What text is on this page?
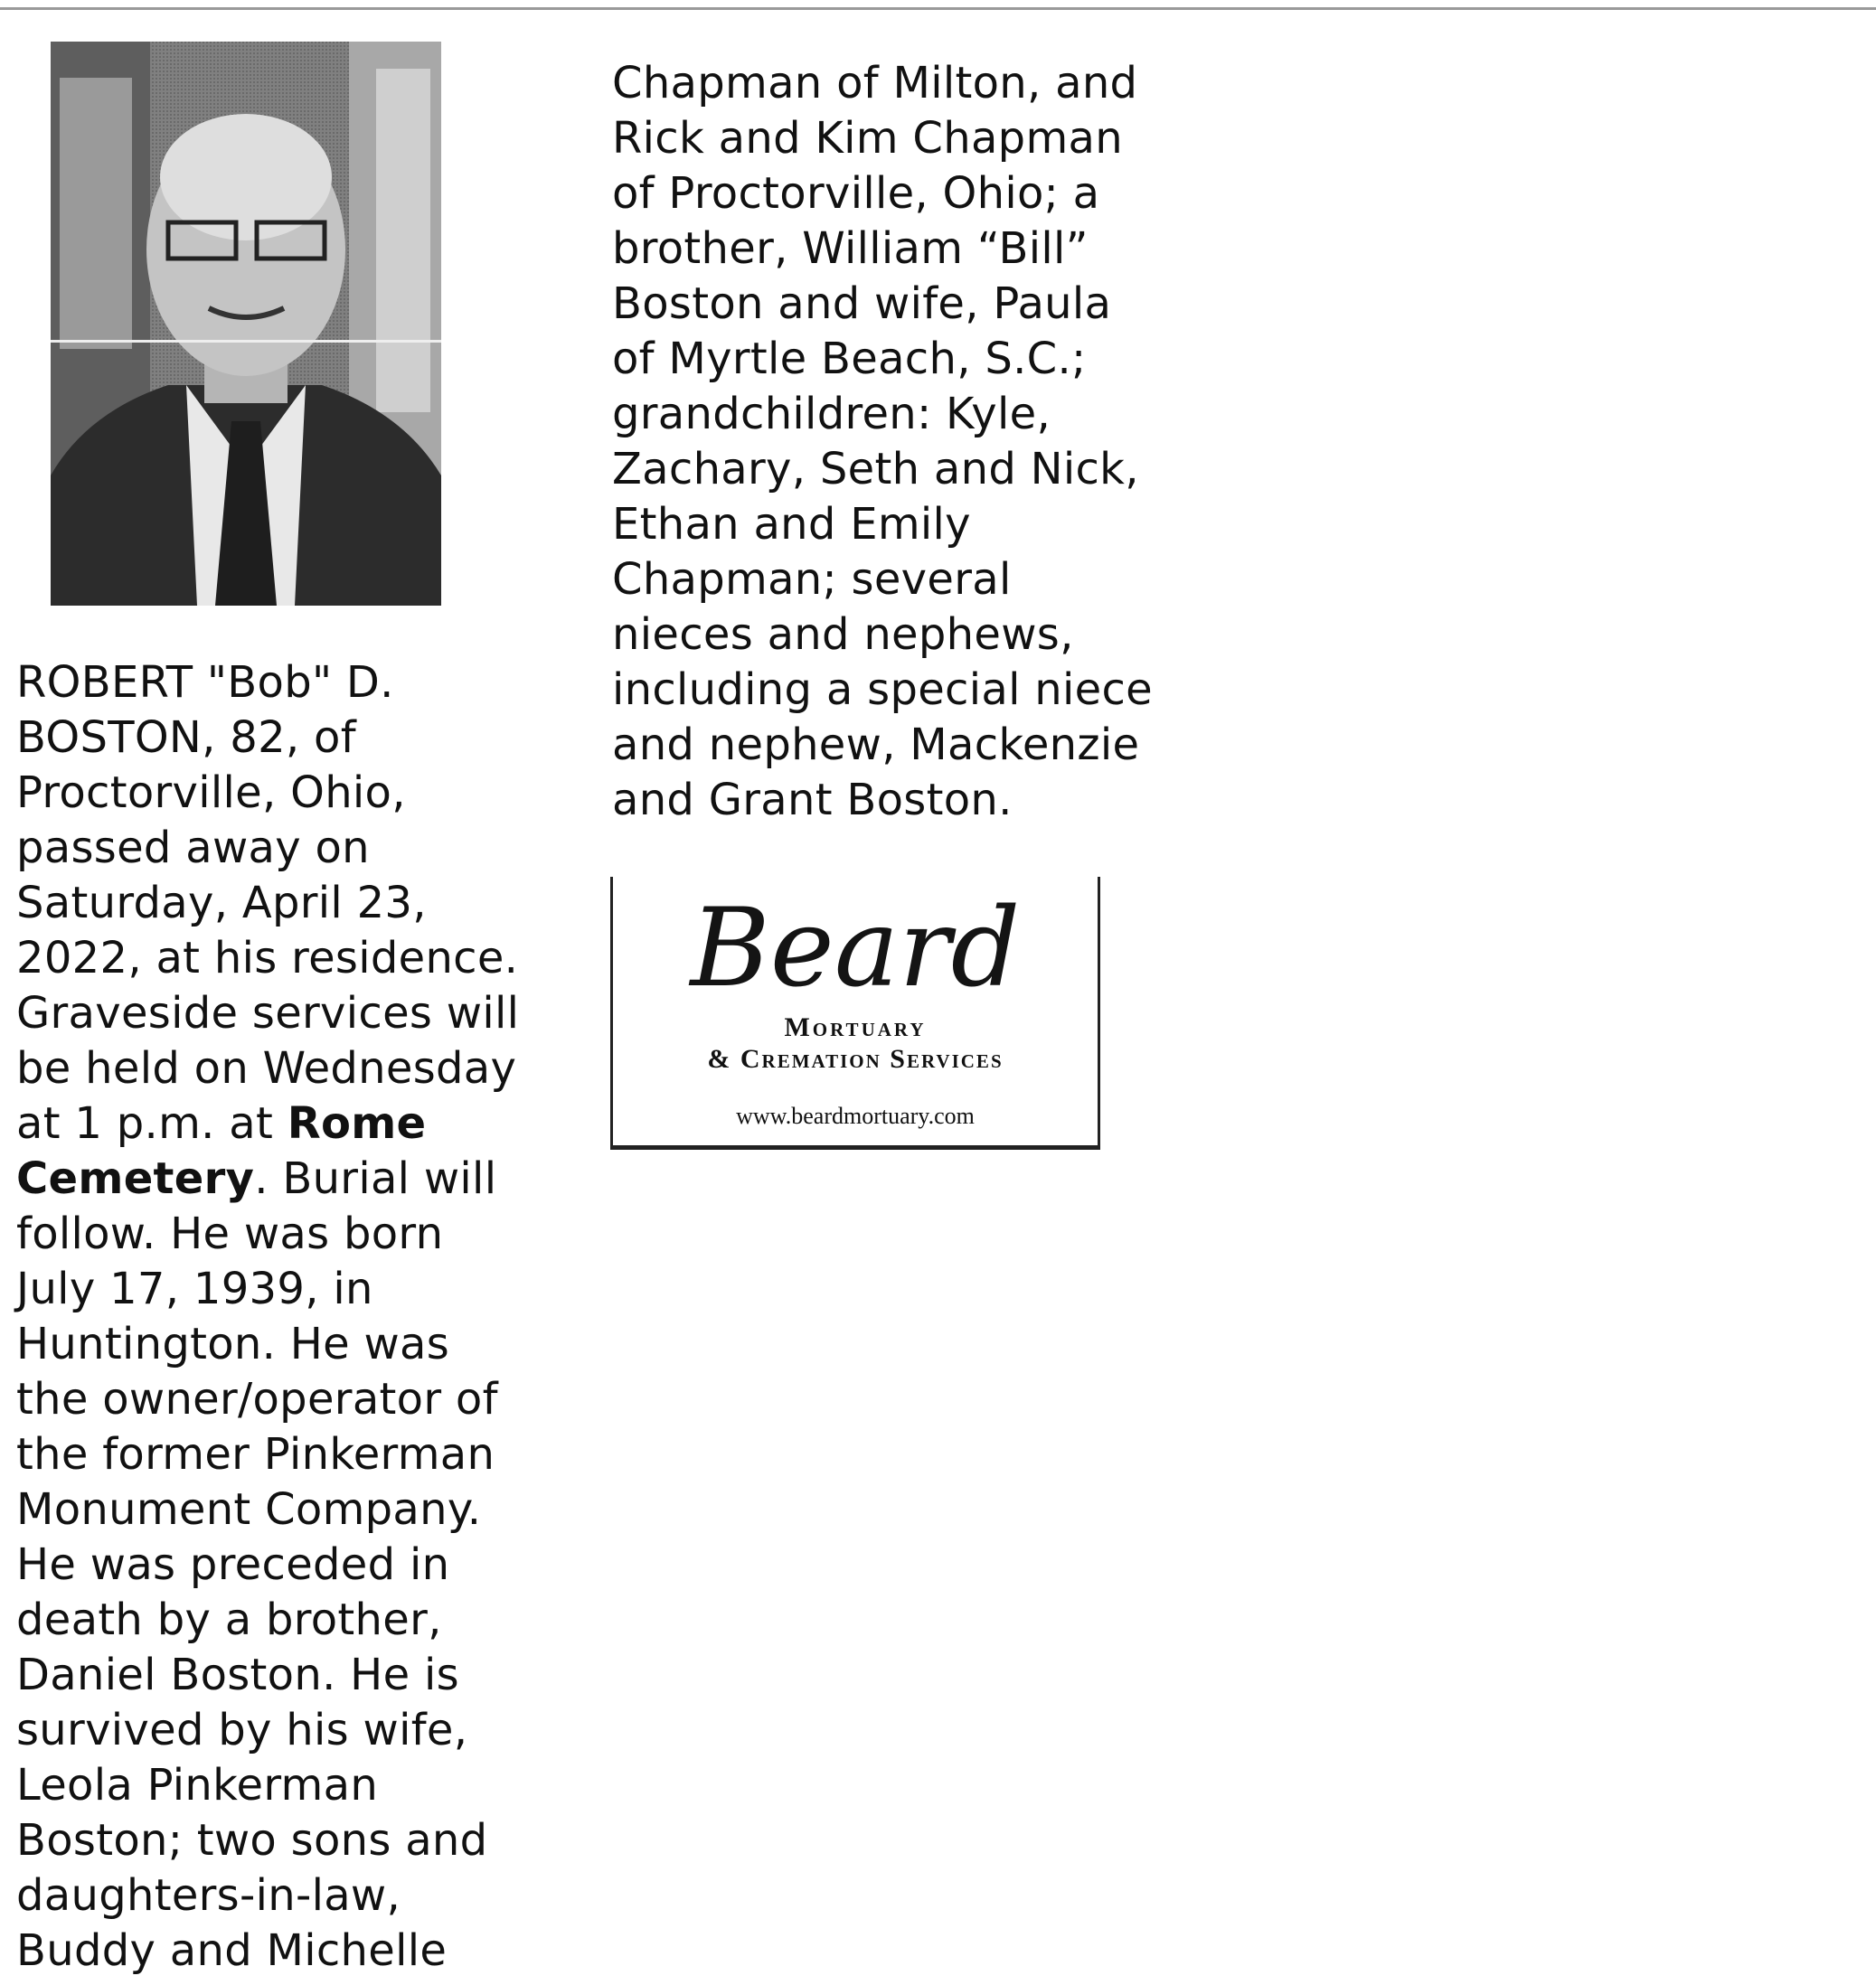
ROBERT "Bob" D.
BOSTON, 82, of
Proctorville, Ohio,
passed away on
Saturday, April 23,
2022, at his residence.
Graveside services will
be held on Wednesday
at 1 p.m. at Rome
Cemetery. Burial will
follow. He was born
July 17, 1939, in
Huntington. He was
the owner/operator of
the former Pinkerman
Monument Company.
He was preceded in
death by a brother,
Daniel Boston. He is
survived by his wife,
Leola Pinkerman
Boston; two sons and
daughters-in-law,
Buddy and Michelle
Chapman of Milton, and
Rick and Kim Chapman
of Proctorville, Ohio; a
brother, William “Bill”
Boston and wife, Paula
of Myrtle Beach, S.C.;
grandchildren: Kyle,
Zachary, Seth and Nick,
Ethan and Emily
Chapman; several
nieces and nephews,
including a special niece
and nephew, Mackenzie
and Grant Boston.
Beard
Mortuary
& Cremation Services
www.beardmortuary.com
